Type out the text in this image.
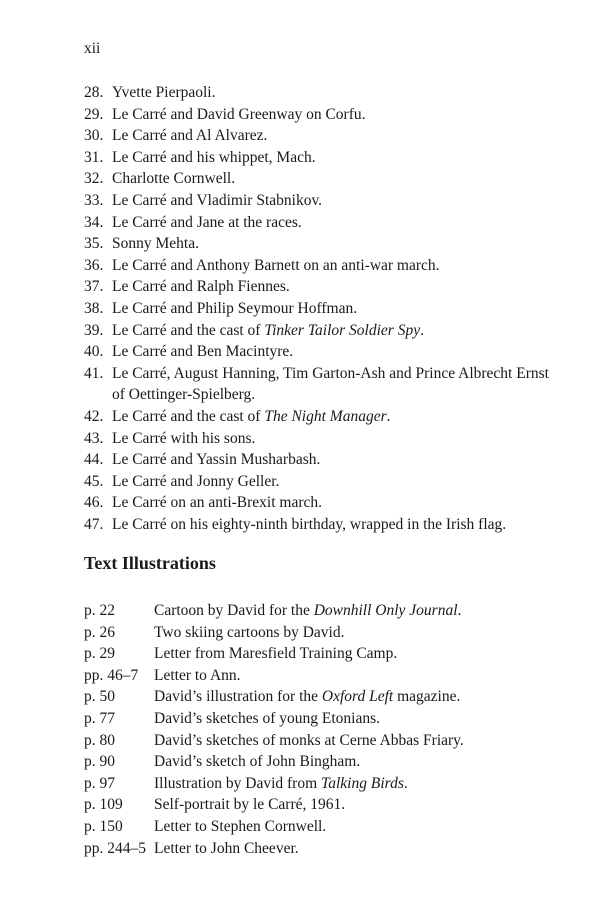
xii
28. Yvette Pierpaoli.
29. Le Carré and David Greenway on Corfu.
30. Le Carré and Al Alvarez.
31. Le Carré and his whippet, Mach.
32. Charlotte Cornwell.
33. Le Carré and Vladimir Stabnikov.
34. Le Carré and Jane at the races.
35. Sonny Mehta.
36. Le Carré and Anthony Barnett on an anti-war march.
37. Le Carré and Ralph Fiennes.
38. Le Carré and Philip Seymour Hoffman.
39. Le Carré and the cast of Tinker Tailor Soldier Spy.
40. Le Carré and Ben Macintyre.
41. Le Carré, August Hanning, Tim Garton-Ash and Prince Albrecht Ernst of Oettinger-Spielberg.
42. Le Carré and the cast of The Night Manager.
43. Le Carré with his sons.
44. Le Carré and Yassin Musharbash.
45. Le Carré and Jonny Geller.
46. Le Carré on an anti-Brexit march.
47. Le Carré on his eighty-ninth birthday, wrapped in the Irish flag.
Text Illustrations
p. 22	Cartoon by David for the Downhill Only Journal.
p. 26	Two skiing cartoons by David.
p. 29	Letter from Maresfield Training Camp.
pp. 46–7	Letter to Ann.
p. 50	David’s illustration for the Oxford Left magazine.
p. 77	David’s sketches of young Etonians.
p. 80	David’s sketches of monks at Cerne Abbas Friary.
p. 90	David’s sketch of John Bingham.
p. 97	Illustration by David from Talking Birds.
p. 109	Self-portrait by le Carré, 1961.
p. 150	Letter to Stephen Cornwell.
pp. 244–5 Letter to John Cheever.
